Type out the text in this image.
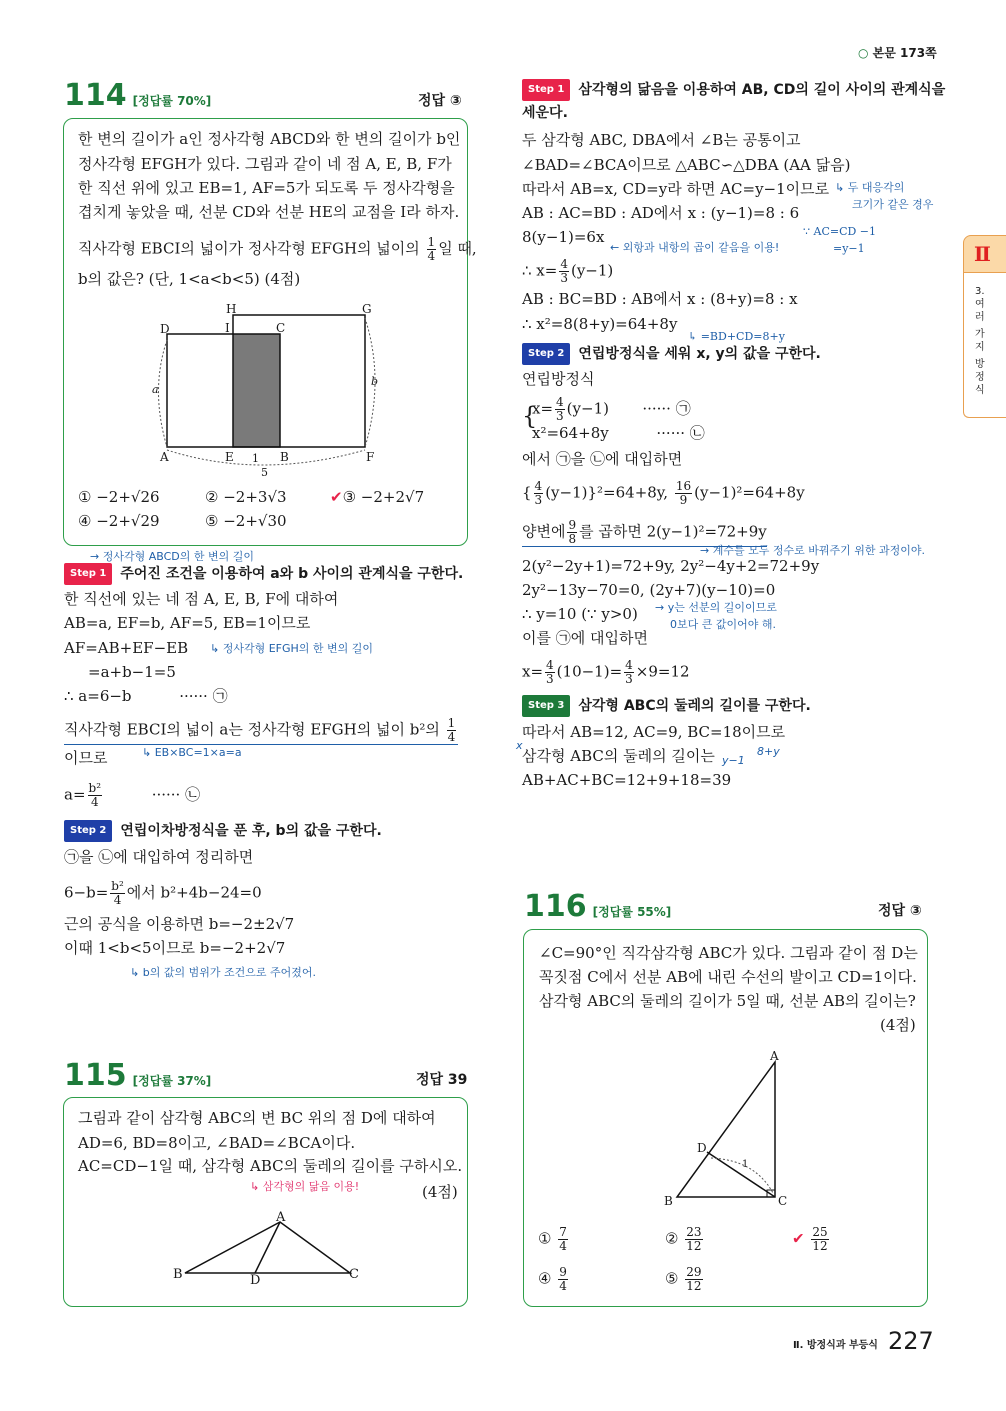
○ 본문 173쪽
114 [정답률 70%]	정답 ③
한 변의 길이가 a인 정사각형 ABCD와 한 변의 길이가 b인
정사각형 EFGH가 있다. 그림과 같이 네 점 A, E, B, F가
한 직선 위에 있고 EB=1, AF=5가 되도록 두 정사각형을
겹치게 놓았을 때, 선분 CD와 선분 HE의 교점을 I라 하자.
직사각형 EBCI의 넓이가 정사각형 EFGH의 넓이의 $\frac{1}{4}$ 일 때,
b의 값은? (단, 1<a<b<5) (4점)
H	G
D	I	C
a
b
A	E 1 B	F
5
① −2+√26	② −2+3√3	✔③ −2+2√7
④ −2+√29	⑤ −2+√30
→ 정사각형 ABCD의 한 변의 길이
Step 1 주어진 조건을 이용하여 a와 b 사이의 관계식을 구한다.
한 직선에 있는 네 점 A, E, B, F에 대하여
AB=a, EF=b, AF=5, EB=1이므로
AF=AB+EF−EB ↳ 정사각형 EFGH의 한 변의 길이
=a+b−1=5
∴ a=6−b          ······ ㉠
직사각형 EBCI의 넓이 a는 정사각형 EFGH의 넓이 b²의 $\frac{1}{4}$
↳ EB×BC=1×a=a
이므로
$a= \frac{\text{b²}}{4}$ ······ ㉡
Step 2 연립이차방정식을 푼 후, b의 값을 구한다.
㉠을 ㉡에 대입하여 정리하면
$6-b= \frac{\text{b²}}{4}$ 에서 b²+4b−24=0
근의 공식을 이용하면 b=−2±2√7
이때 1<b<5이므로 b=−2+2√7
↳ b의 값의 범위가 조건으로 주어졌어.
115 [정답률 37%]	정답 39
그림과 같이 삼각형 ABC의 변 BC 위의 점 D에 대하여
AD=6, BD=8이고, ∠BAD=∠BCA이다.
AC=CD−1일 때, 삼각형 ABC의 둘레의 길이를 구하시오.
↳ 삼각형의 닮음 이용!	(4점)
A
B	D	C
Step 1 삼각형의 닮음을 이용하여 AB, CD의 길이 사이의 관계식을
세운다.
두 삼각형 ABC, DBA에서 ∠B는 공통이고
∠BAD=∠BCA이므로 △ABC∽△DBA (AA 닮음)
따라서 AB=x, CD=y라 하면 AC=y−1이므로 ↳ 두 대응각의
크기가 같은 경우
AB : AC=BD : AD에서 x : (y−1)=8 : 6
∵ AC=CD −1
=y−1
8(y−1)=6x
← 외항과 내항의 곱이 같음을 이용!
∴ $x= \frac{4}{3} (y-1)$
AB : BC=BD : AB에서 x : (8+y)=8 : x
∴ x²=8(8+y)=64+8y
↳ =BD+CD=8+y
Step 2 연립방정식을 세워 x, y의 값을 구한다.
연립방정식
{
$x= \frac{4}{3} (y-1)$       ······ ㉠
x²=64+8y          ······ ㉡
에서 ㉠을 ㉡에 대입하면
{ $\frac{4}{3} (y-1)\}^2=64+8y$, $\frac{16}{9} (y-1)^2=64+8y$
양변에 $\frac{9}{8}$ 를 곱하면 2(y−1)²=72+9y
→ 계수를 모두 정수로 바꿔주기 위한 과정이야.
2(y²−2y+1)=72+9y, 2y²−4y+2=72+9y
2y²−13y−70=0, (2y+7)(y−10)=0
∴ y=10 (∵ y>0) → y는 선분의 길이이므로
0보다 큰 값이어야 해.
이를 ㉠에 대입하면
$x= \frac{4}{3} (10-1)= \frac{4}{3} \times 9=12$
Step 3 삼각형 ABC의 둘레의 길이를 구한다.
따라서 AB=12, AC=9, BC=18이므로
x
y−1
8+y
삼각형 ABC의 둘레의 길이는
AB+AC+BC=12+9+18=39
116 [정답률 55%]	정답 ③
∠C=90°인 직각삼각형 ABC가 있다. 그림과 같이 점 D는
꼭짓점 C에서 선분 AB에 내린 수선의 발이고 CD=1이다.
삼각형 ABC의 둘레의 길이가 5일 때, 선분 AB의 길이는?
(4점)
A
B	C
D
1
① $\frac{7}{4}$	② $\frac{23}{12}$	✔ $\frac{25}{12}$
④ $\frac{9}{4}$	⑤ $\frac{29}{12}$
Ⅱ
3.
여
러
가
지
방
정
식
Ⅱ. 방정식과 부등식 227
